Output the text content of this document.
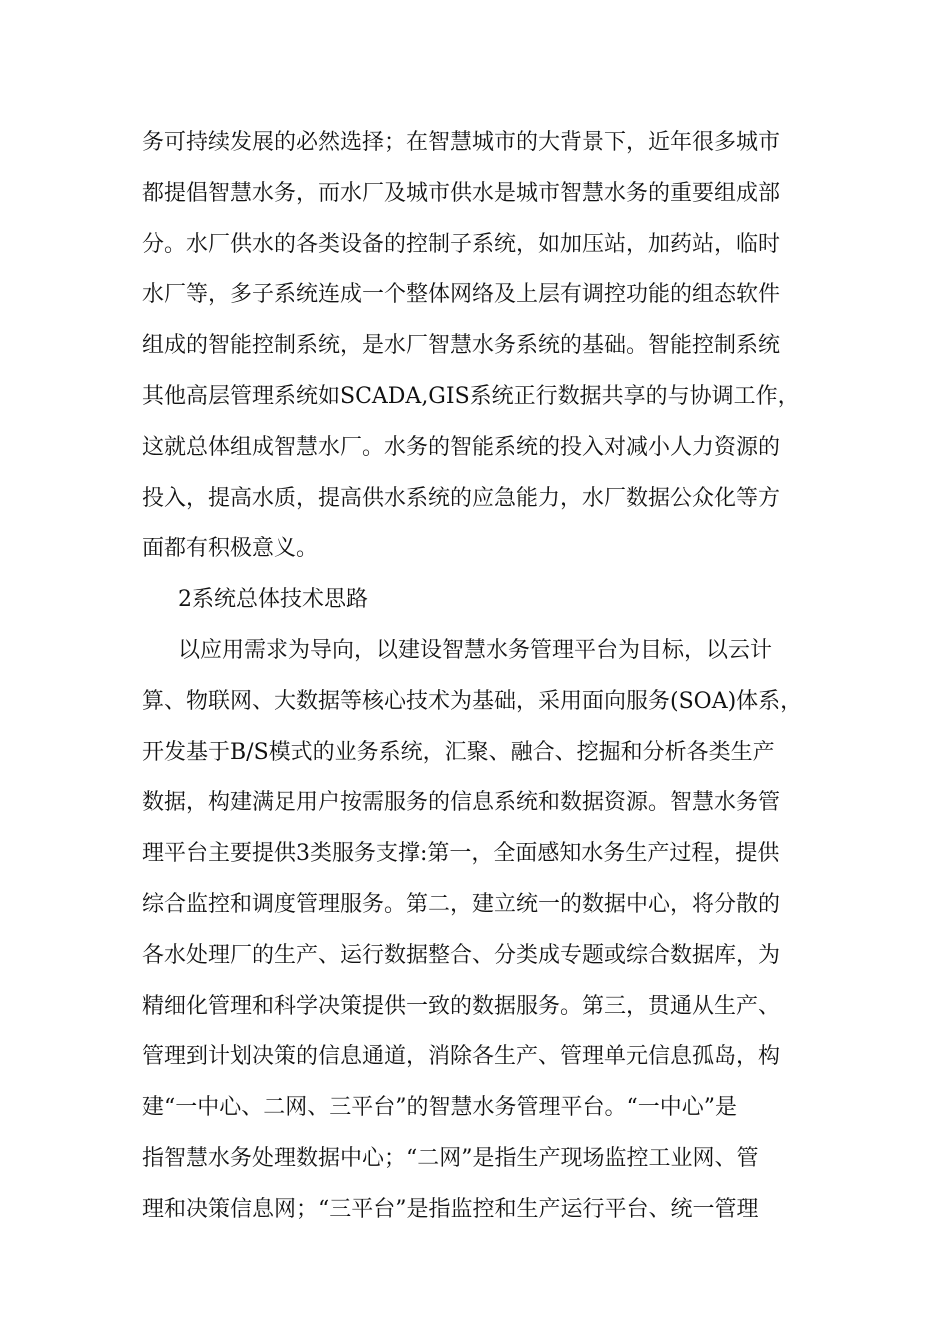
务可持续发展的必然选择；在智慧城市的大背景下，近年很多城市
都提倡智慧水务，而水厂及城市供水是城市智慧水务的重要组成部
分。水厂供水的各类设备的控制子系统，如加压站，加药站，临时
水厂等，多子系统连成一个整体网络及上层有调控功能的组态软件
组成的智能控制系统，是水厂智慧水务系统的基础。智能控制系统
其他高层管理系统如SCADA,GIS系统正行数据共享的与协调工作，
这就总体组成智慧水厂。水务的智能系统的投入对减小人力资源的
投入，提高水质，提高供水系统的应急能力，水厂数据公众化等方
面都有积极意义。
2系统总体技术思路
以应用需求为导向，以建设智慧水务管理平台为目标，以云计
算、物联网、大数据等核心技术为基础，采用面向服务(SOA)体系，
开发基于B/S模式的业务系统，汇聚、融合、挖掘和分析各类生产
数据，构建满足用户按需服务的信息系统和数据资源。智慧水务管
理平台主要提供3类服务支撑:第一，全面感知水务生产过程，提供
综合监控和调度管理服务。第二，建立统一的数据中心，将分散的
各水处理厂的生产、运行数据整合、分类成专题或综合数据库，为
精细化管理和科学决策提供一致的数据服务。第三，贯通从生产、
管理到计划决策的信息通道，消除各生产、管理单元信息孤岛，构
建“一中心、二网、三平台”的智慧水务管理平台。“一中心”是
指智慧水务处理数据中心；“二网”是指生产现场监控工业网、管
理和决策信息网；“三平台”是指监控和生产运行平台、统一管理
